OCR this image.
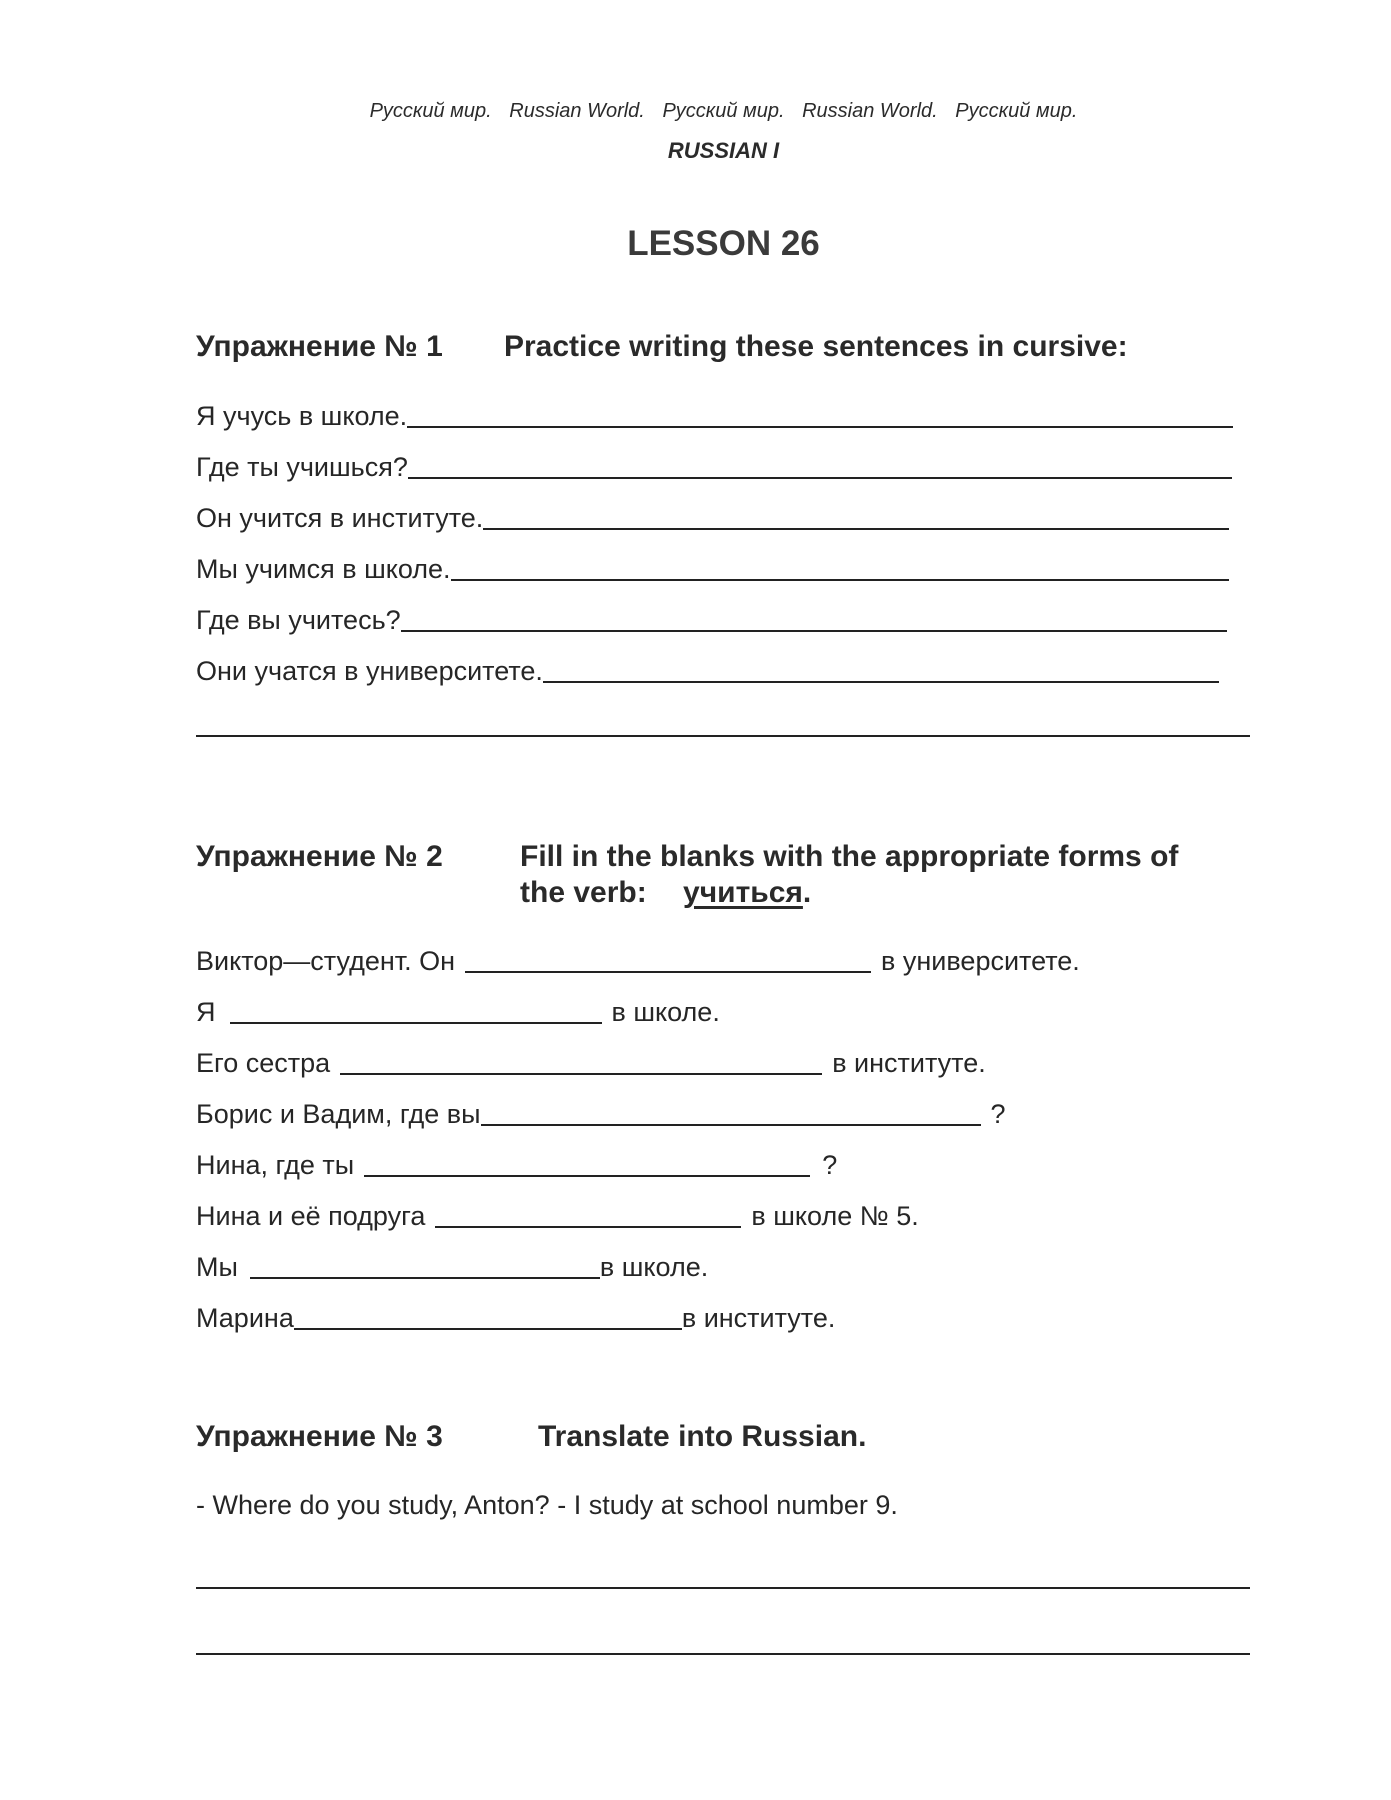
Русский мир. Russian World. Русский мир. Russian World. Русский мир.
RUSSIAN I
LESSON 26
Упражнение № 1 Practice writing these sentences in cursive:
Я учусь в школе.
Где ты учишься?
Он учится в институте.
Мы учимся в школе.
Где вы учитесь?
Они учатся в университете.
Упражнение № 2	Fill in the blanks with the appropriate forms of
the verb: учиться.
Виктор—студент. Он	в университете.
Я	в школе.
Его сестра	в институте.
Борис и Вадим, где вы	?
Нина, где ты	?
Нина и её подруга	в школе № 5.
Мы	в школе.
Марина	в институте.
Упражнение № 3	Translate into Russian.
- Where do you study, Anton? - I study at school number 9.
